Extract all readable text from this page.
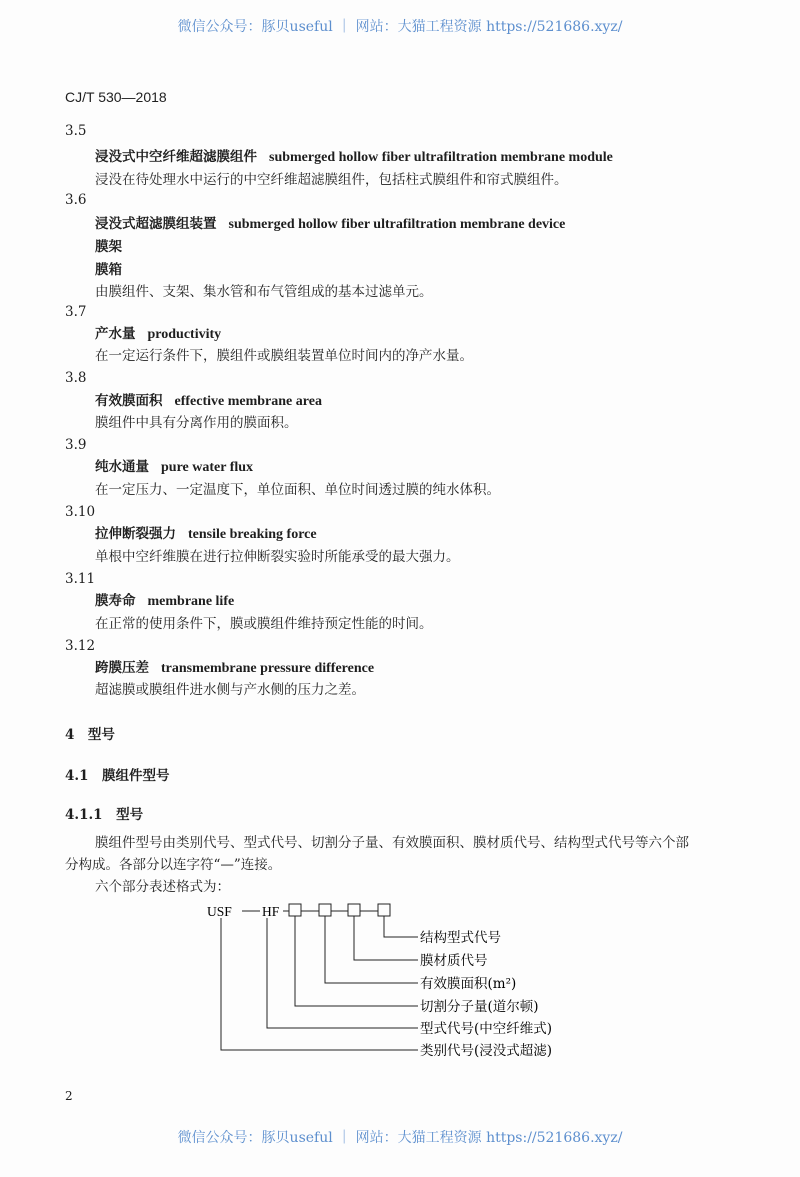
微信公众号：豚贝useful ｜ 网站：大猫工程资源 https://521686.xyz/
CJ/T 530—2018
3.5
浸没式中空纤维超滤膜组件 submerged hollow fiber ultrafiltration membrane module
浸没在待处理水中运行的中空纤维超滤膜组件，包括柱式膜组件和帘式膜组件。
3.6
浸没式超滤膜组装置 submerged hollow fiber ultrafiltration membrane device
膜架
膜箱
由膜组件、支架、集水管和布气管组成的基本过滤单元。
3.7
产水量 productivity
在一定运行条件下，膜组件或膜组装置单位时间内的净产水量。
3.8
有效膜面积 effective membrane area
膜组件中具有分离作用的膜面积。
3.9
纯水通量 pure water flux
在一定压力、一定温度下，单位面积、单位时间透过膜的纯水体积。
3.10
拉伸断裂强力 tensile breaking force
单根中空纤维膜在进行拉伸断裂实验时所能承受的最大强力。
3.11
膜寿命 membrane life
在正常的使用条件下，膜或膜组件维持预定性能的时间。
3.12
跨膜压差 transmembrane pressure difference
超滤膜或膜组件进水侧与产水侧的压力之差。
4　型号
4.1　膜组件型号
4.1.1　型号
膜组件型号由类别代号、型式代号、切割分子量、有效膜面积、膜材质代号、结构型式代号等六个部
分构成。各部分以连字符“—”连接。
六个部分表述格式为：
USF HF
结构型式代号
膜材质代号
有效膜面积(m²)
切割分子量(道尔顿)
型式代号(中空纤维式)
类别代号(浸没式超滤)
2
微信公众号：豚贝useful ｜ 网站：大猫工程资源 https://521686.xyz/
